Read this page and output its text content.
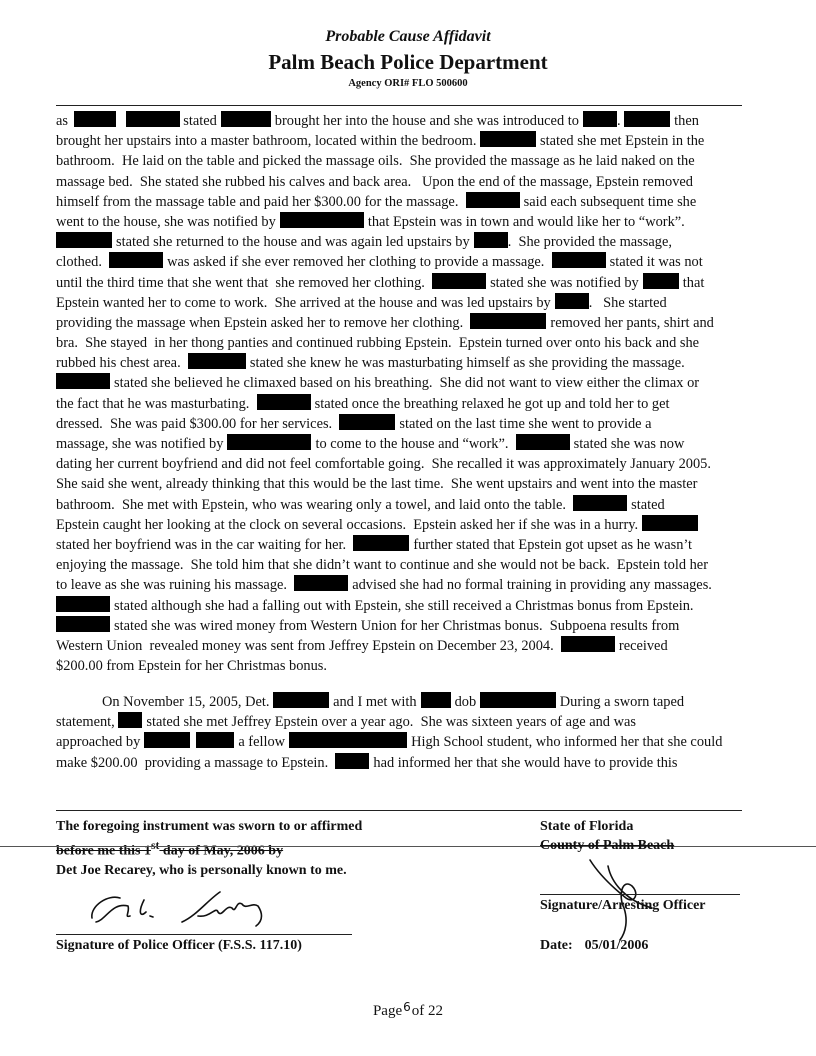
Probable Cause Affidavit
Palm Beach Police Department
Agency ORI# FLO 500600
as	stated	brought her into the house and she was introduced to	.	then
brought her upstairs into a master bathroom, located within the bedroom.	stated she met Epstein in the
bathroom.  He laid on the table and picked the massage oils.  She provided the massage as he laid naked on the
massage bed.  She stated she rubbed his calves and back area.   Upon the end of the massage, Epstein removed
himself from the massage table and paid her $300.00 for the massage.	said each subsequent time she
went to the house, she was notified by	that Epstein was in town and would like her to “work”.
stated she returned to the house and was again led upstairs by	.  She provided the massage,
clothed.	was asked if she ever removed her clothing to provide a massage.	stated it was not
until the third time that she went that  she removed her clothing.	stated she was notified by	that
Epstein wanted her to come to work.  She arrived at the house and was led upstairs by	.   She started
providing the massage when Epstein asked her to remove her clothing.	removed her pants, shirt and
bra.  She stayed  in her thong panties and continued rubbing Epstein.  Epstein turned over onto his back and she
rubbed his chest area.	stated she knew he was masturbating himself as she providing the massage.
stated she believed he climaxed based on his breathing.  She did not want to view either the climax or
the fact that he was masturbating.	stated once the breathing relaxed he got up and told her to get
dressed.  She was paid $300.00 for her services.	stated on the last time she went to provide a
massage, she was notified by	to come to the house and “work”.	stated she was now
dating her current boyfriend and did not feel comfortable going.  She recalled it was approximately January 2005.
She said she went, already thinking that this would be the last time.  She went upstairs and went into the master
bathroom.  She met with Epstein, who was wearing only a towel, and laid onto the table.	stated
Epstein caught her looking at the clock on several occasions.  Epstein asked her if she was in a hurry.
stated her boyfriend was in the car waiting for her.	further stated that Epstein got upset as he wasn’t
enjoying the massage.  She told him that she didn’t want to continue and she would not be back.  Epstein told her
to leave as she was ruining his massage.	advised she had no formal training in providing any massages.
stated although she had a falling out with Epstein, she still received a Christmas bonus from Epstein.
stated she was wired money from Western Union for her Christmas bonus.  Subpoena results from
Western Union  revealed money was sent from Jeffrey Epstein on December 23, 2004.	received
$200.00 from Epstein for her Christmas bonus.
On November 15, 2005, Det.	and I met with	dob	During a sworn taped
statement, stated she met Jeffrey Epstein over a year ago.  She was sixteen years of age and was
approached by	a fellow	High School student, who informed her that she could
make $200.00  providing a massage to Epstein.	had informed her that she would have to provide this
The foregoing instrument was sworn to or affirmed
before me this 1st day of May, 2006 by
Det Joe Recarey, who is personally known to me.
State of Florida
County of Palm Beach
Signature of Police Officer (F.S.S. 117.10)
Signature/Arresting Officer
Date: 05/01/2006
Page$^6$of 22
